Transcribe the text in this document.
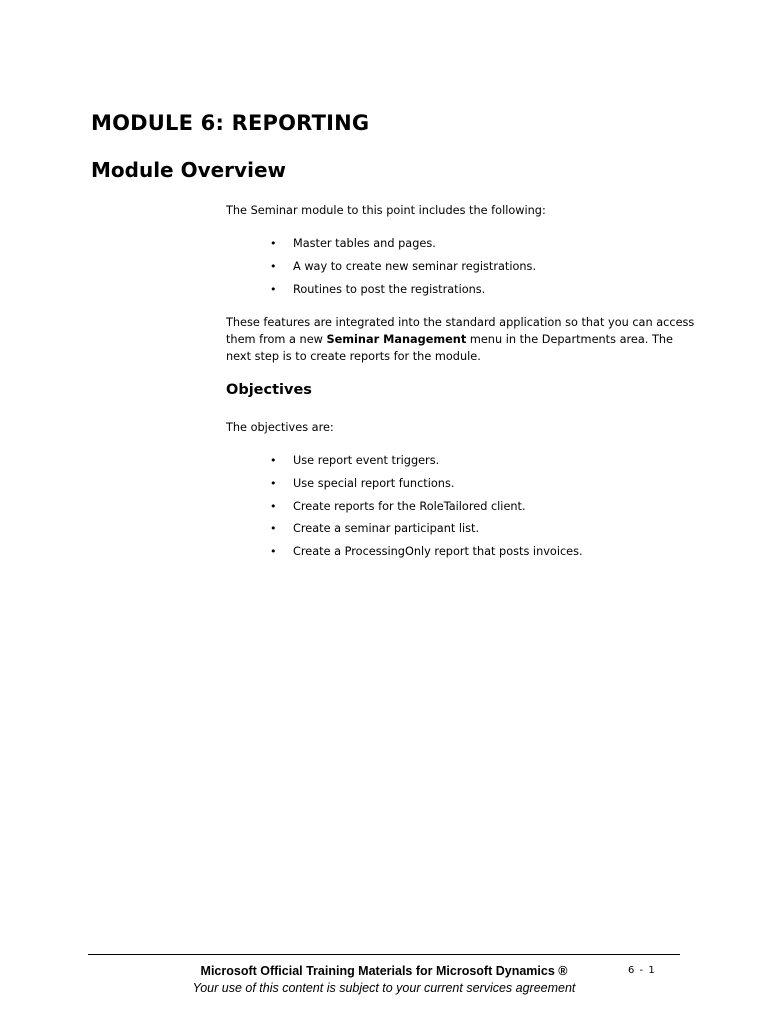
MODULE 6: REPORTING
Module Overview

The Seminar module to this point includes the following:

• Master tables and pages.
• A way to create new seminar registrations.
• Routines to post the registrations.

These features are integrated into the standard application so that you can access
them from a new Seminar Management menu in the Departments area. The
next step is to create reports for the module.

Objectives

The objectives are:

• Use report event triggers.
• Use special report functions.
• Create reports for the RoleTailored client.
• Create a seminar participant list.
• Create a ProcessingOnly report that posts invoices.
Microsoft Official Training Materials for Microsoft Dynamics ®
Your use of this content is subject to your current services agreement
6 - 1
